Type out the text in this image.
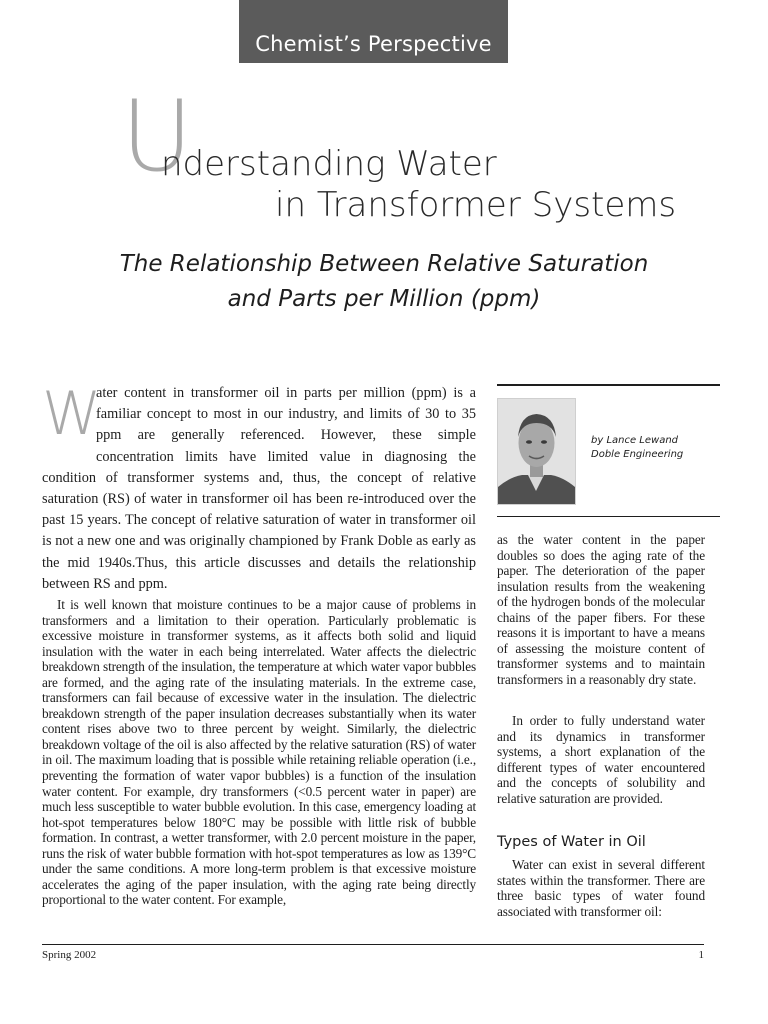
Chemist’s Perspective
U
nderstanding Water
in Transformer Systems
The Relationship Between Relative Saturation
and Parts per Million (ppm)
W

ater content in transformer oil in parts per million (ppm) is a familiar concept to most in our industry, and limits of 30 to 35 ppm are generally referenced. However, these simple concentration limits have limited value in diagnosing the condition of transformer systems and, thus, the concept of relative saturation (RS) of water in transformer oil has been re-introduced over the past 15 years. The concept of relative saturation of water in transformer oil is not a new one and was originally championed by Frank Doble as early as the mid 1940s.Thus, this article discusses and details the relationship between RS and ppm.

It is well known that moisture continues to be a major cause of problems in transformers and a limitation to their operation. Particularly problematic is excessive moisture in transformer systems, as it affects both solid and liquid insulation with the water in each being interrelated. Water affects the dielectric breakdown strength of the insulation, the temperature at which water vapor bubbles are formed, and the aging rate of the insulating materials. In the extreme case, transformers can fail because of excessive water in the insulation. The dielectric breakdown strength of the paper insulation decreases substantially when its water content rises above two to three percent by weight. Similarly, the dielectric breakdown voltage of the oil is also affected by the relative saturation (RS) of water in oil. The maximum loading that is possible while retaining reliable operation (i.e., preventing the formation of water vapor bubbles) is a function of the insulation water content. For example, dry transformers (<0.5 percent water in paper) are much less susceptible to water bubble evolution. In this case, emergency loading at hot-spot temperatures below 180°C may be possible with little risk of bubble formation. In contrast, a wetter transformer, with 2.0 percent moisture in the paper, runs the risk of water bubble formation with hot-spot temperatures as low as 139°C under the same conditions. A more long-term problem is that excessive moisture accelerates the aging of the paper insulation, with the aging rate being directly proportional to the water content. For example,

by Lance Lewand
Doble Engineering

as the water content in the paper doubles so does the aging rate of the paper. The deterioration of the paper insulation results from the weakening of the hydrogen bonds of the molecular chains of the paper fibers. For these reasons it is important to have a means of assessing the moisture content of transformer systems and to maintain transformers in a reasonably dry state.

In order to fully understand water and its dynamics in transformer systems, a short explanation of the different types of water encountered and the concepts of solubility and relative saturation are provided.

Types of Water in Oil

Water can exist in several different states within the transformer. There are three basic types of water found associated with transformer oil:

Spring 2002	1
